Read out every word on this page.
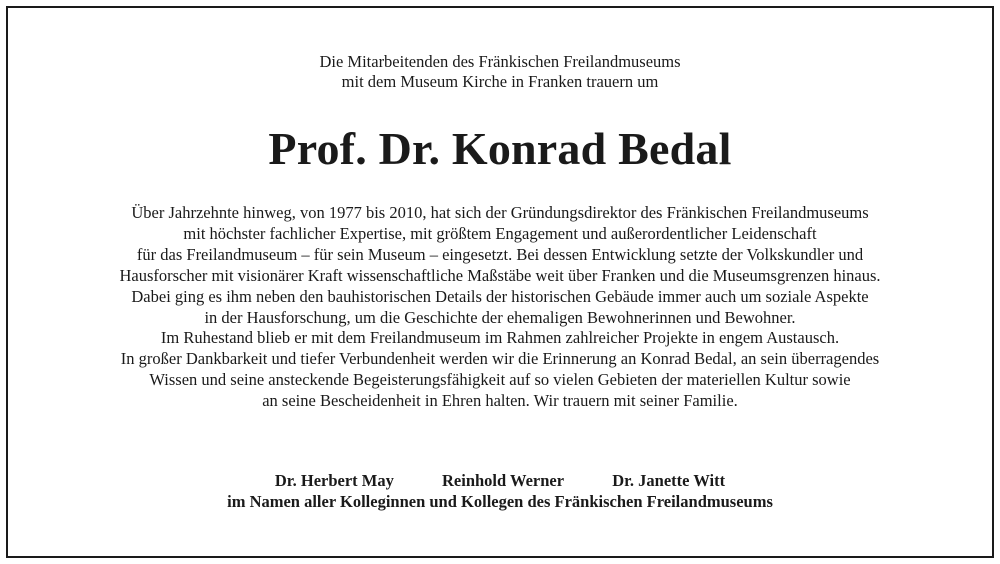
Die Mitarbeitenden des Fränkischen Freilandmuseums
mit dem Museum Kirche in Franken trauern um
Prof. Dr. Konrad Bedal
Über Jahrzehnte hinweg, von 1977 bis 2010, hat sich der Gründungsdirektor des Fränkischen Freilandmuseums
mit höchster fachlicher Expertise, mit größtem Engagement und außerordentlicher Leidenschaft
für das Freilandmuseum – für sein Museum – eingesetzt. Bei dessen Entwicklung setzte der Volkskundler und
Hausforscher mit visionärer Kraft wissenschaftliche Maßstäbe weit über Franken und die Museumsgrenzen hinaus.
Dabei ging es ihm neben den bauhistorischen Details der historischen Gebäude immer auch um soziale Aspekte
in der Hausforschung, um die Geschichte der ehemaligen Bewohnerinnen und Bewohner.
Im Ruhestand blieb er mit dem Freilandmuseum im Rahmen zahlreicher Projekte in engem Austausch.
In großer Dankbarkeit und tiefer Verbundenheit werden wir die Erinnerung an Konrad Bedal, an sein überragendes
Wissen und seine ansteckende Begeisterungsfähigkeit auf so vielen Gebieten der materiellen Kultur sowie
an seine Bescheidenheit in Ehren halten. Wir trauern mit seiner Familie.
Dr. Herbert May	Reinhold Werner	Dr. Janette Witt
im Namen aller Kolleginnen und Kollegen des Fränkischen Freilandmuseums
